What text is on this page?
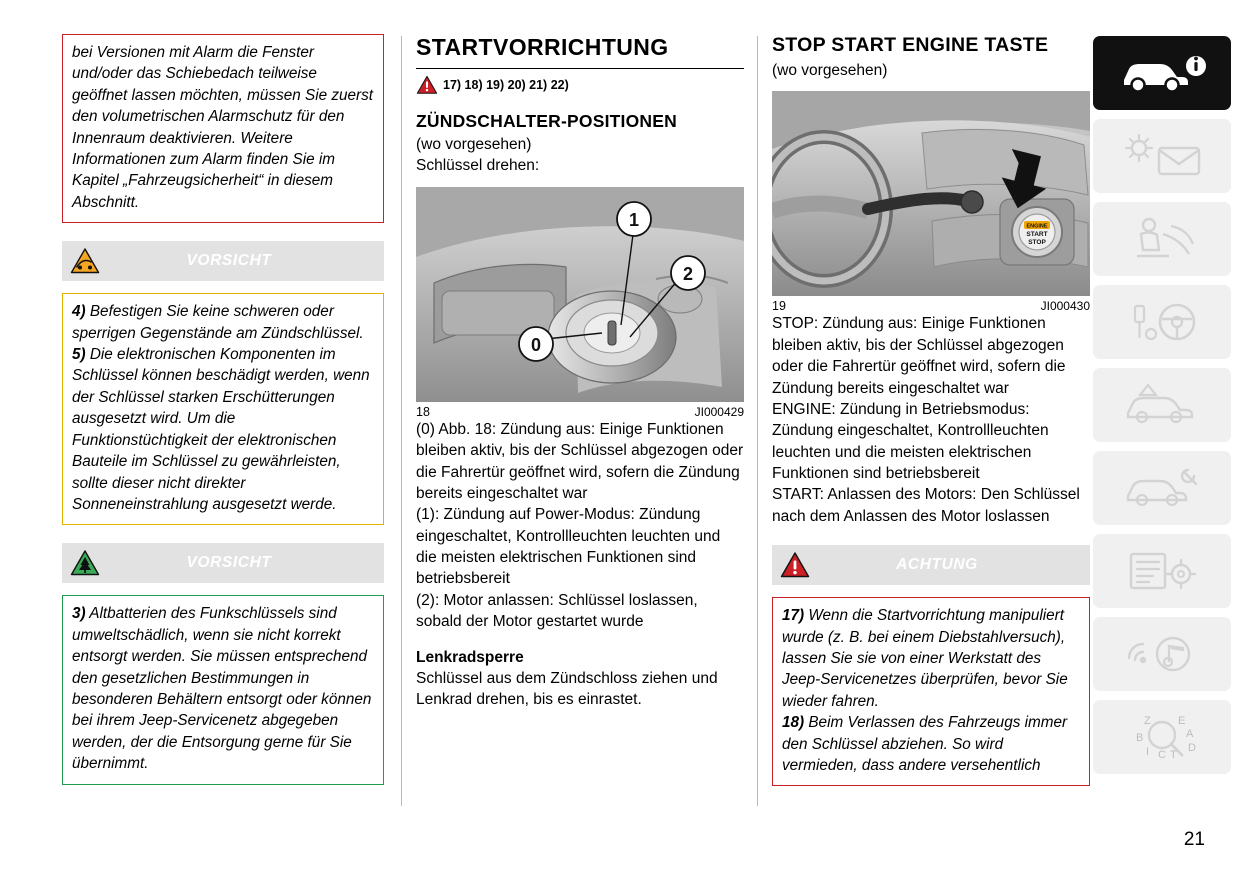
bei Versionen mit Alarm die Fenster und/oder das Schiebedach teilweise geöffnet lassen möchten, müssen Sie zuerst den volumetrischen Alarmschutz für den Innenraum deaktivieren. Weitere Informationen zum Alarm finden Sie im Kapitel „Fahrzeugsicherheit“ in diesem Abschnitt.

VORSICHT

4) Befestigen Sie keine schweren oder sperrigen Gegenstände am Zündschlüssel.

5) Die elektronischen Komponenten im Schlüssel können beschädigt werden, wenn der Schlüssel starken Erschütterungen ausgesetzt wird. Um die Funktionstüchtigkeit der elektronischen Bauteile im Schlüssel zu gewährleisten, sollte dieser nicht direkter Sonneneinstrahlung ausgesetzt werde.

VORSICHT

3) Altbatterien des Funkschlüssels sind umweltschädlich, wenn sie nicht korrekt entsorgt werden. Sie müssen entsprechend den gesetzlichen Bestimmungen in besonderen Behältern entsorgt oder können bei ihrem Jeep-Servicenetz abgegeben werden, der die Entsorgung gerne für Sie übernimmt.

STARTVORRICHTUNG
17) 18) 19) 20) 21) 22)
ZÜNDSCHALTER-POSITIONEN

(wo vorgesehen)

Schlüssel drehen:

1
2
0
18	JI000429

(0) Abb. 18: Zündung aus: Einige Funktionen bleiben aktiv, bis der Schlüssel abgezogen oder die Fahrertür geöffnet wird, sofern die Zündung bereits eingeschaltet war

(1): Zündung auf Power-Modus: Zündung eingeschaltet, Kontrollleuchten leuchten und die meisten elektrischen Funktionen sind betriebsbereit

(2): Motor anlassen: Schlüssel loslassen, sobald der Motor gestartet wurde

Lenkradsperre

Schlüssel aus dem Zündschloss ziehen und Lenkrad drehen, bis es einrastet.

STOP START ENGINE TASTE

(wo vorgesehen)

ENGINE
START
STOP
19	JI000430

STOP: Zündung aus: Einige Funktionen bleiben aktiv, bis der Schlüssel abgezogen oder die Fahrertür geöffnet wird, sofern die Zündung bereits eingeschaltet war

ENGINE: Zündung in Betriebsmodus: Zündung eingeschaltet, Kontrollleuchten leuchten und die meisten elektrischen Funktionen sind betriebsbereit

START: Anlassen des Motors: Den Schlüssel nach dem Anlassen des Motor loslassen

ACHTUNG

17) Wenn die Startvorrichtung manipuliert wurde (z. B. bei einem Diebstahlversuch), lassen Sie sie von einer Werkstatt des Jeep-Servicenetzes überprüfen, bevor Sie wieder fahren.

18) Beim Verlassen des Fahrzeugs immer den Schlüssel abziehen. So wird vermieden, dass andere versehentlich

Z E
A
B
I C T
D
21
